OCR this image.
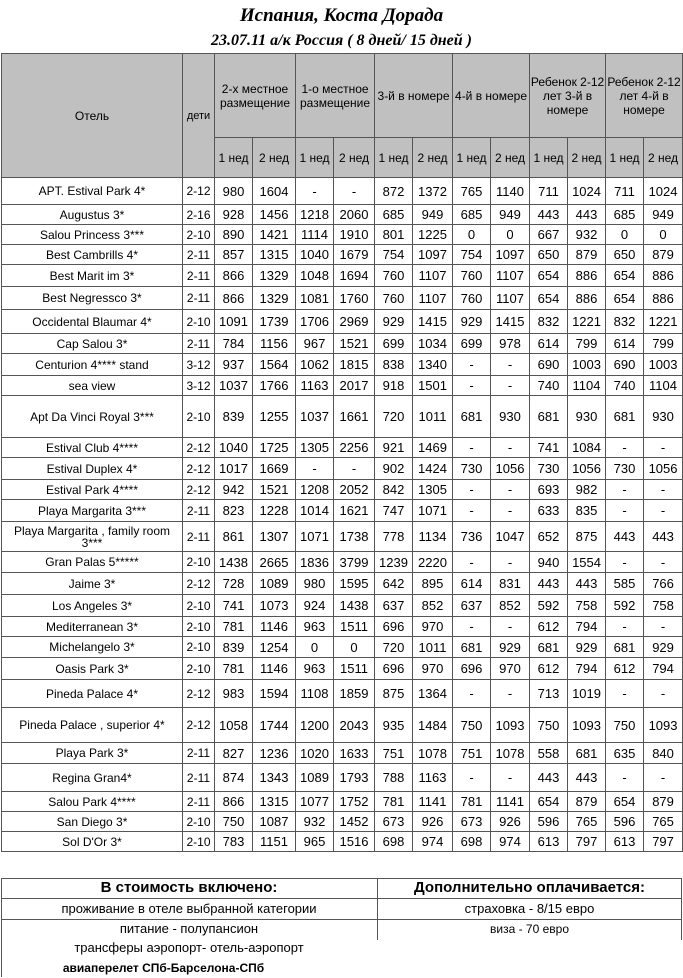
Испания, Коста Дорада
23.07.11 а/к Россия ( 8 дней/ 15 дней )
Отель	дети	2-х местное размещение		1-о местное размещение		3-й в номере		4-й в номере		Ребенок 2-12 лет 3-й в номере		Ребенок 2-12 лет 4-й в номере	
		1 нед	2 нед	1 нед	2 нед	1 нед	2 нед	1 нед	2 нед	1 нед	2 нед	1 нед	2 нед
APT. Estival Park 4*	2-12	980	1604	-	-	872	1372	765	1140	711	1024	711	1024
Augustus 3*	2-16	928	1456	1218	2060	685	949	685	949	443	443	685	949
Salou Princess 3***	2-10	890	1421	1114	1910	801	1225	0	0	667	932	0	0
Best Cambrills 4*	2-11	857	1315	1040	1679	754	1097	754	1097	650	879	650	879
Best Marit im 3*	2-11	866	1329	1048	1694	760	1107	760	1107	654	886	654	886
Best Negressco 3*	2-11	866	1329	1081	1760	760	1107	760	1107	654	886	654	886
Occidental Blaumar 4*	2-10	1091	1739	1706	2969	929	1415	929	1415	832	1221	832	1221
Cap Salou 3*	2-11	784	1156	967	1521	699	1034	699	978	614	799	614	799
Centurion 4**** stand	3-12	937	1564	1062	1815	838	1340	-	-	690	1003	690	1003
sea view	3-12	1037	1766	1163	2017	918	1501	-	-	740	1104	740	1104
Apt Da Vinci Royal 3***	2-10	839	1255	1037	1661	720	1011	681	930	681	930	681	930
Estival Club 4****	2-12	1040	1725	1305	2256	921	1469	-	-	741	1084	-	-
Estival Duplex 4*	2-12	1017	1669	-	-	902	1424	730	1056	730	1056	730	1056
Estival Park 4****	2-12	942	1521	1208	2052	842	1305	-	-	693	982	-	-
Playa Margarita 3***	2-11	823	1228	1014	1621	747	1071	-	-	633	835	-	-
Playa Margarita , family room 3***	2-11	861	1307	1071	1738	778	1134	736	1047	652	875	443	443
Gran Palas 5*****	2-10	1438	2665	1836	3799	1239	2220	-	-	940	1554	-	-
Jaime 3*	2-12	728	1089	980	1595	642	895	614	831	443	443	585	766
Los Angeles 3*	2-10	741	1073	924	1438	637	852	637	852	592	758	592	758
Mediterranean 3*	2-10	781	1146	963	1511	696	970	-	-	612	794	-	-
Michelangelo 3*	2-10	839	1254	0	0	720	1011	681	929	681	929	681	929
Oasis Park 3*	2-10	781	1146	963	1511	696	970	696	970	612	794	612	794
Pineda Palace 4*	2-12	983	1594	1108	1859	875	1364	-	-	713	1019	-	-
Pineda Palace , superior 4*	2-12	1058	1744	1200	2043	935	1484	750	1093	750	1093	750	1093
Playa Park 3*	2-11	827	1236	1020	1633	751	1078	751	1078	558	681	635	840
Regina Gran4*	2-11	874	1343	1089	1793	788	1163	-	-	443	443	-	-
Salou Park 4****	2-11	866	1315	1077	1752	781	1141	781	1141	654	879	654	879
San Diego 3*	2-10	750	1087	932	1452	673	926	673	926	596	765	596	765
Sol D'Or 3*	2-10	783	1151	965	1516	698	974	698	974	613	797	613	797
В стоимость включено:	Дополнительно оплачивается:
проживание в отеле выбранной категории	страховка - 8/15 евро
питание - полупансион	виза - 70 евро
трансферы аэропорт- отель-аэропорт
авиаперелет СПб-Барселона-СПб
